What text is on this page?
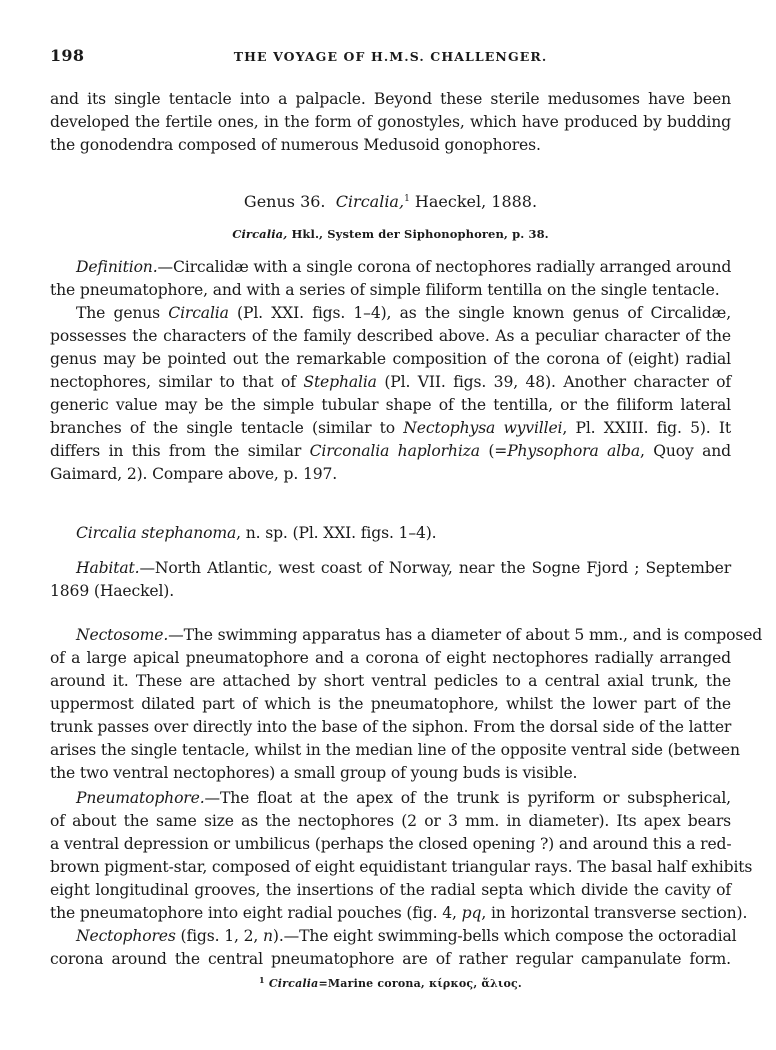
198	THE VOYAGE OF H.M.S. CHALLENGER.
and its single tentacle into a palpacle. Beyond these sterile medusomes have been
developed the fertile ones, in the form of gonostyles, which have produced by budding
the gonodendra composed of numerous Medusoid gonophores.
Genus 36. Circalia,$^1$ Haeckel, 1888.
Circalia, Hkl., System der Siphonophoren, p. 38.
Definition.—Circalidæ with a single corona of nectophores radially arranged around
the pneumatophore, and with a series of simple filiform tentilla on the single tentacle.
The genus Circalia (Pl. XXI. figs. 1–4), as the single known genus of Circalidæ,
possesses the characters of the family described above. As a peculiar character of the
genus may be pointed out the remarkable composition of the corona of (eight) radial
nectophores, similar to that of Stephalia (Pl. VII. figs. 39, 48). Another character of
generic value may be the simple tubular shape of the tentilla, or the filiform lateral
branches of the single tentacle (similar to Nectophysa wyvillei, Pl. XXIII. fig. 5). It
differs in this from the similar Circonalia haplorhiza (=Physophora alba, Quoy and
Gaimard, 2). Compare above, p. 197.
Circalia stephanoma, n. sp. (Pl. XXI. figs. 1–4).
Habitat.—North Atlantic, west coast of Norway, near the Sogne Fjord ; September
1869 (Haeckel).
Nectosome.—The swimming apparatus has a diameter of about 5 mm., and is composed
of a large apical pneumatophore and a corona of eight nectophores radially arranged
around it. These are attached by short ventral pedicles to a central axial trunk, the
uppermost dilated part of which is the pneumatophore, whilst the lower part of the
trunk passes over directly into the base of the siphon. From the dorsal side of the latter
arises the single tentacle, whilst in the median line of the opposite ventral side (between
the two ventral nectophores) a small group of young buds is visible.
Pneumatophore.—The float at the apex of the trunk is pyriform or subspherical,
of about the same size as the nectophores (2 or 3 mm. in diameter). Its apex bears
a ventral depression or umbilicus (perhaps the closed opening ?) and around this a red-
brown pigment-star, composed of eight equidistant triangular rays. The basal half exhibits
eight longitudinal grooves, the insertions of the radial septa which divide the cavity of
the pneumatophore into eight radial pouches (fig. 4, pq, in horizontal transverse section).
Nectophores (figs. 1, 2, n).—The eight swimming-bells which compose the octoradial
corona around the central pneumatophore are of rather regular campanulate form.
$^1$ Circalia=Marine corona, κίρκος, ἅλιος.
